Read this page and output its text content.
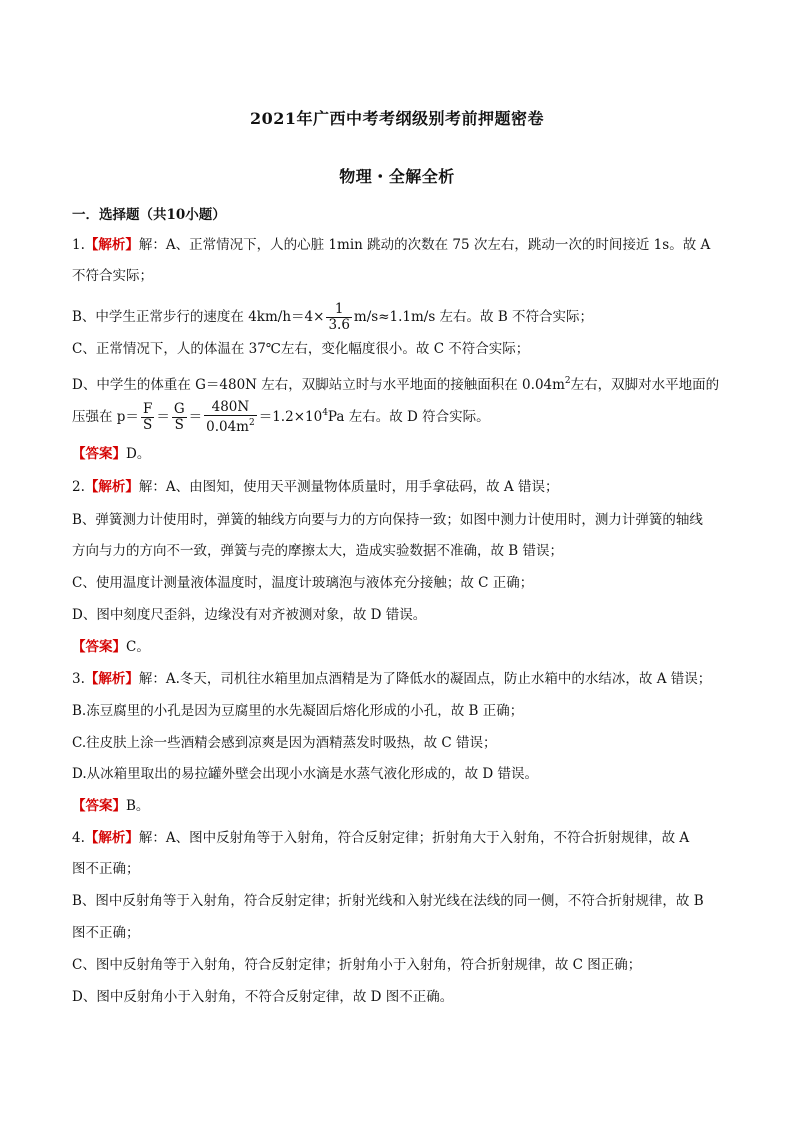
2021年广西中考考纲级别考前押题密卷
物理・全解全析
一．选择题（共10小题）
1.【解析】解：A、正常情况下，人的心脏 1min 跳动的次数在 75 次左右，跳动一次的时间接近 1s。故 A
不符合实际；
B、中学生正常步行的速度在 $4km/h=4\times \frac{1}{3.6} m/s\approx 1.1m/s$ 左右。故 B 不符合实际；
C、正常情况下，人的体温在 37℃左右，变化幅度很小。故 C 不符合实际；
D、中学生的体重在 G＝480N 左右，双脚站立时与水平地面的接触面积在 $0.04m^2$左右，双脚对水平地面的
压强在 $p= \frac{F}{S} = \frac{G}{S} = \frac{480N}{0.04m^2} =1.2\times 10^4Pa$ 左右。故 D 符合实际。
【答案】D。
2.【解析】解：A、由图知，使用天平测量物体质量时，用手拿砝码，故 A 错误；
B、弹簧测力计使用时，弹簧的轴线方向要与力的方向保持一致；如图中测力计使用时，测力计弹簧的轴线
方向与力的方向不一致，弹簧与壳的摩擦太大，造成实验数据不准确，故 B 错误；
C、使用温度计测量液体温度时，温度计玻璃泡与液体充分接触；故 C 正确；
D、图中刻度尺歪斜，边缘没有对齐被测对象，故 D 错误。
【答案】C。
3.【解析】解：A.冬天，司机往水箱里加点酒精是为了降低水的凝固点，防止水箱中的水结冰，故 A 错误；
B.冻豆腐里的小孔是因为豆腐里的水先凝固后熔化形成的小孔，故 B 正确；
C.往皮肤上涂一些酒精会感到凉爽是因为酒精蒸发时吸热，故 C 错误；
D.从冰箱里取出的易拉罐外壁会出现小水滴是水蒸气液化形成的，故 D 错误。
【答案】B。
4.【解析】解：A、图中反射角等于入射角，符合反射定律；折射角大于入射角，不符合折射规律，故 A
图不正确；
B、图中反射角等于入射角，符合反射定律；折射光线和入射光线在法线的同一侧，不符合折射规律，故 B
图不正确；
C、图中反射角等于入射角，符合反射定律；折射角小于入射角，符合折射规律，故 C 图正确；
D、图中反射角小于入射角，不符合反射定律，故 D 图不正确。
